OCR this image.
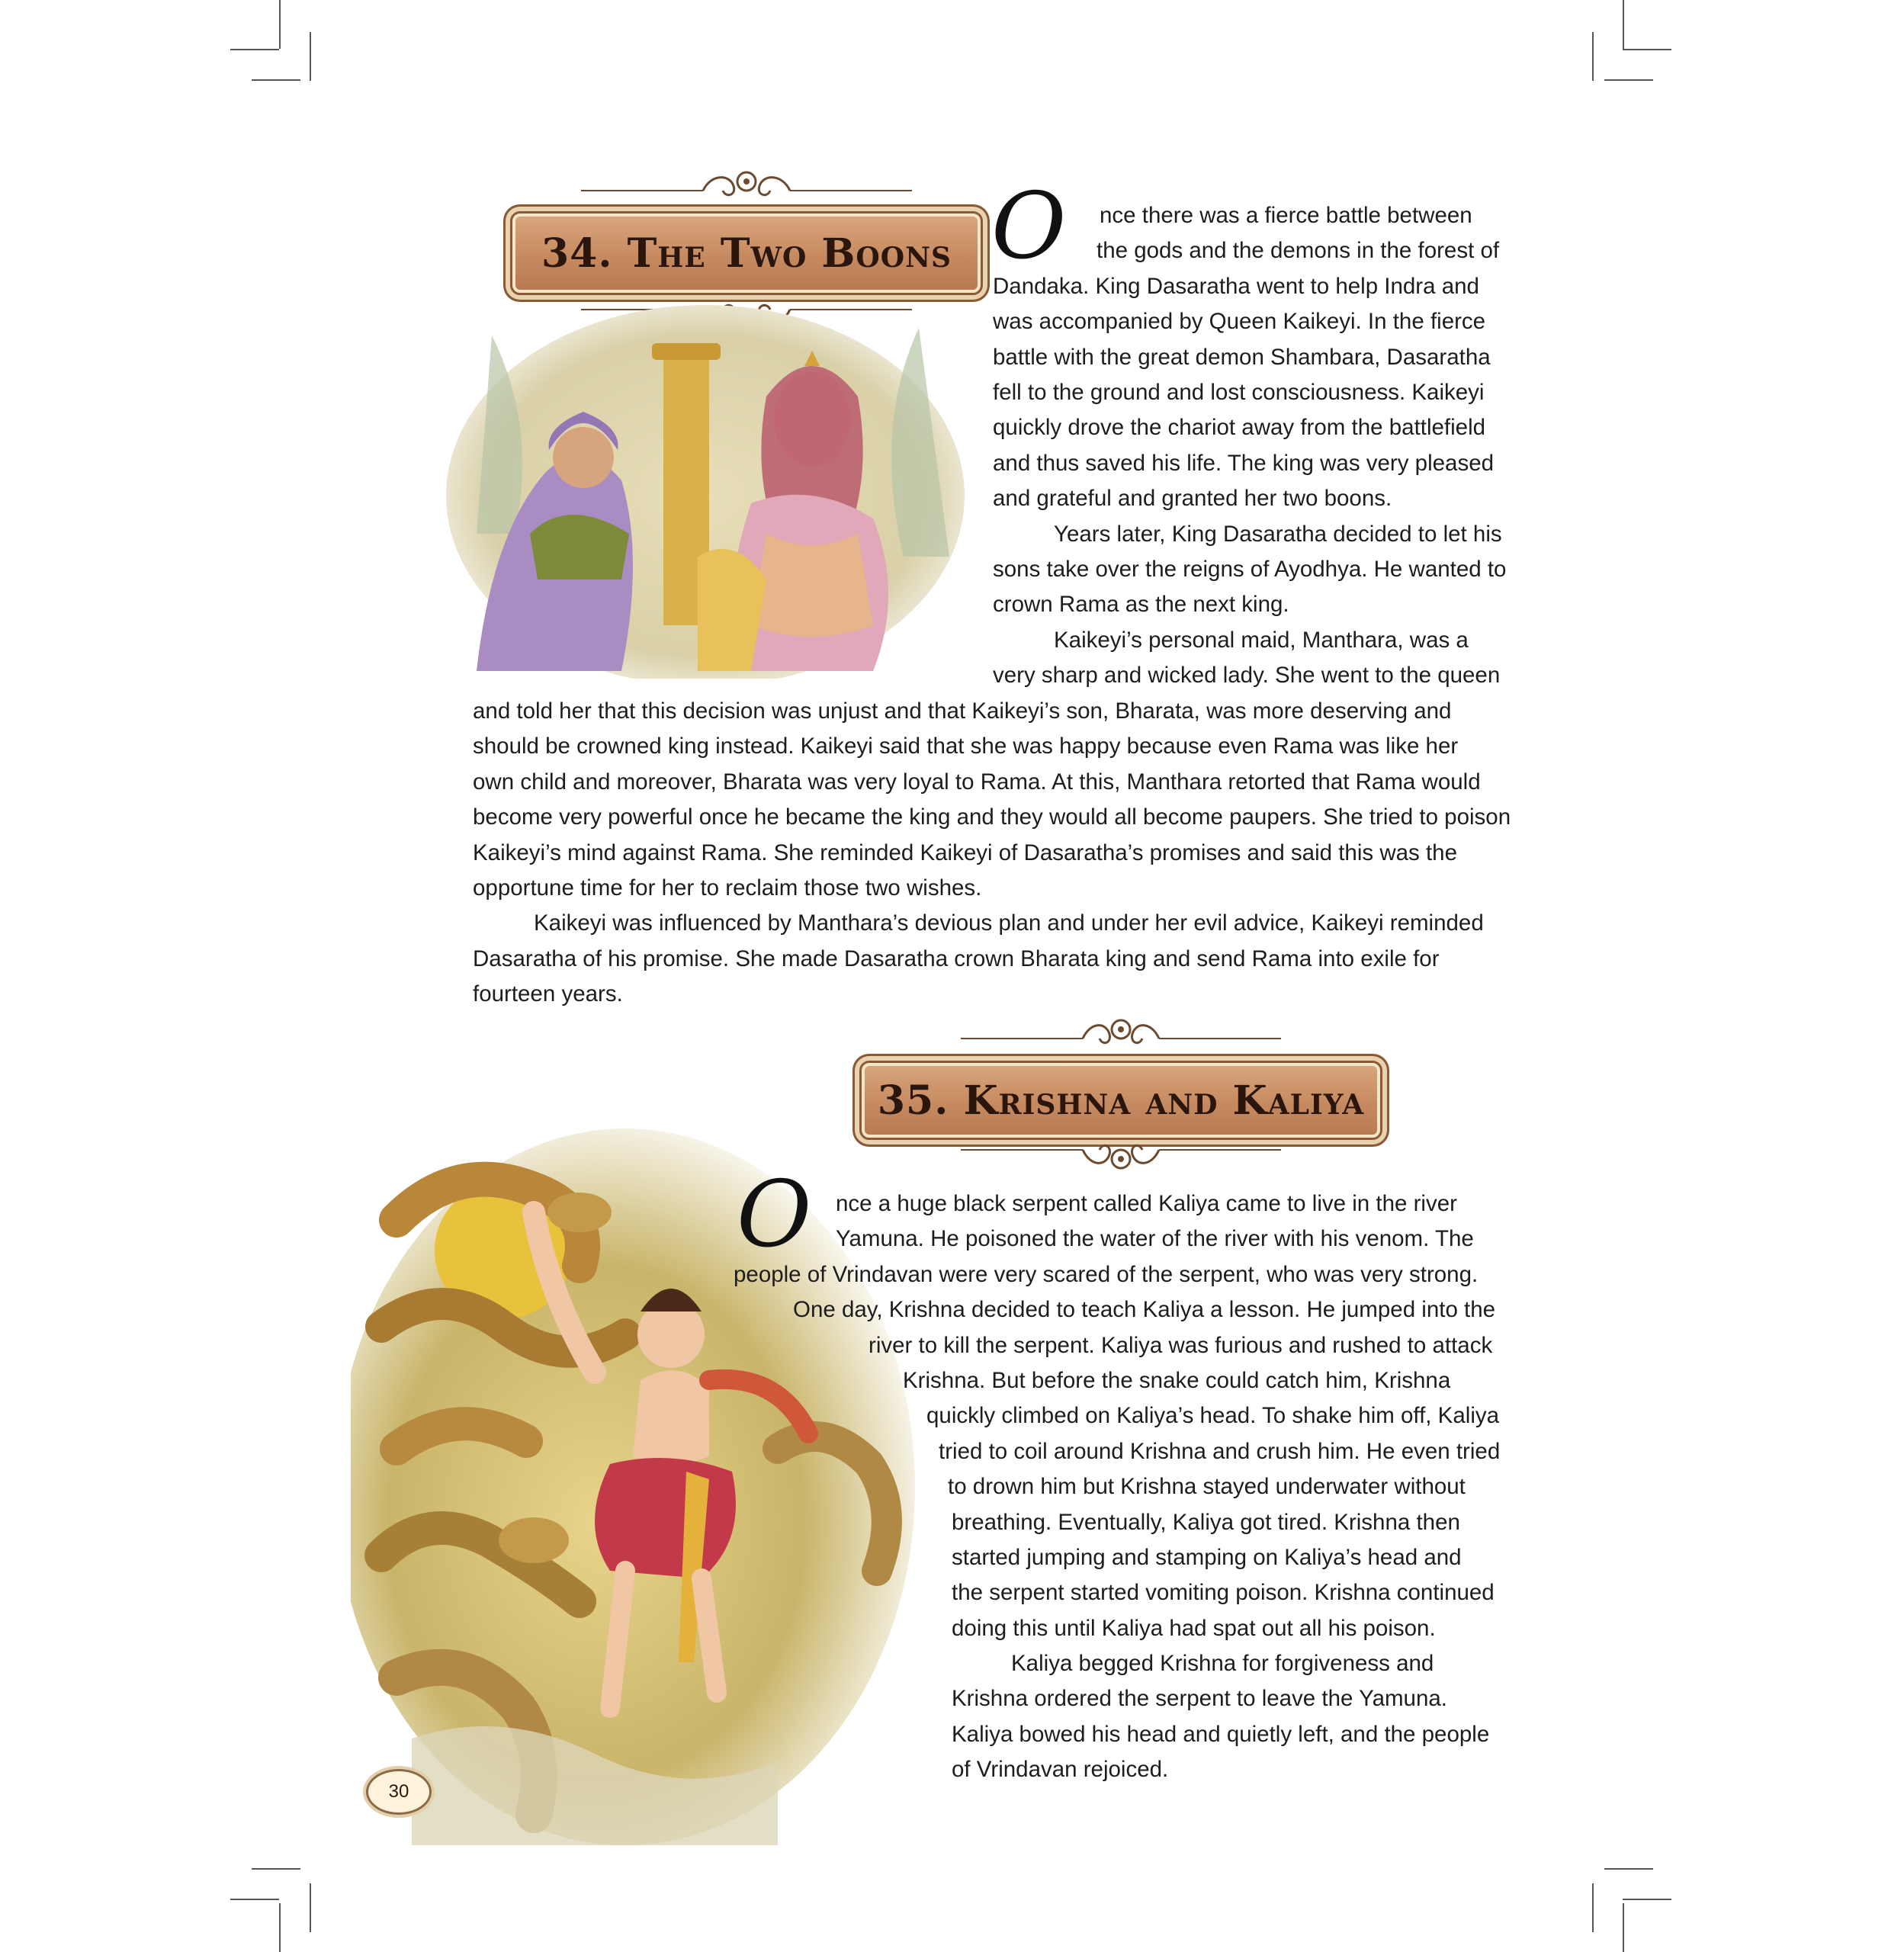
34. The Two Boons O	nce there was a fierce battle between
the gods and the demons in the forest of
Dandaka. King Dasaratha went to help Indra and
was accompanied by Queen Kaikeyi. In the fierce
battle with the great demon Shambara, Dasaratha
fell to the ground and lost consciousness. Kaikeyi
quickly drove the chariot away from the battlefield
and thus saved his life. The king was very pleased
and grateful and granted her two boons.
Years later, King Dasaratha decided to let his
sons take over the reigns of Ayodhya. He wanted to
crown Rama as the next king.
Kaikeyi’s personal maid, Manthara, was a
very sharp and wicked lady. She went to the queen
and told her that this decision was unjust and that Kaikeyi’s son, Bharata, was more deserving and
should be crowned king instead. Kaikeyi said that she was happy because even Rama was like her
own child and moreover, Bharata was very loyal to Rama. At this, Manthara retorted that Rama would
become very powerful once he became the king and they would all become paupers. She tried to poison
Kaikeyi’s mind against Rama. She reminded Kaikeyi of Dasaratha’s promises and said this was the
opportune time for her to reclaim those two wishes.
Kaikeyi was influenced by Manthara’s devious plan and under her evil advice, Kaikeyi reminded
Dasaratha of his promise. She made Dasaratha crown Bharata king and send Rama into exile for
fourteen years.
35. Krishna and Kaliya
O	nce a huge black serpent called Kaliya came to live in the river
Yamuna. He poisoned the water of the river with his venom. The
people of Vrindavan were very scared of the serpent, who was very strong.
One day, Krishna decided to teach Kaliya a lesson. He jumped into the
river to kill the serpent. Kaliya was furious and rushed to attack
Krishna. But before the snake could catch him, Krishna
quickly climbed on Kaliya’s head. To shake him off, Kaliya
tried to coil around Krishna and crush him. He even tried
to drown him but Krishna stayed underwater without
breathing. Eventually, Kaliya got tired. Krishna then
started jumping and stamping on Kaliya’s head and
the serpent started vomiting poison. Krishna continued
doing this until Kaliya had spat out all his poison.
Kaliya begged Krishna for forgiveness and
Krishna ordered the serpent to leave the Yamuna.
Kaliya bowed his head and quietly left, and the people
of Vrindavan rejoiced.
30
